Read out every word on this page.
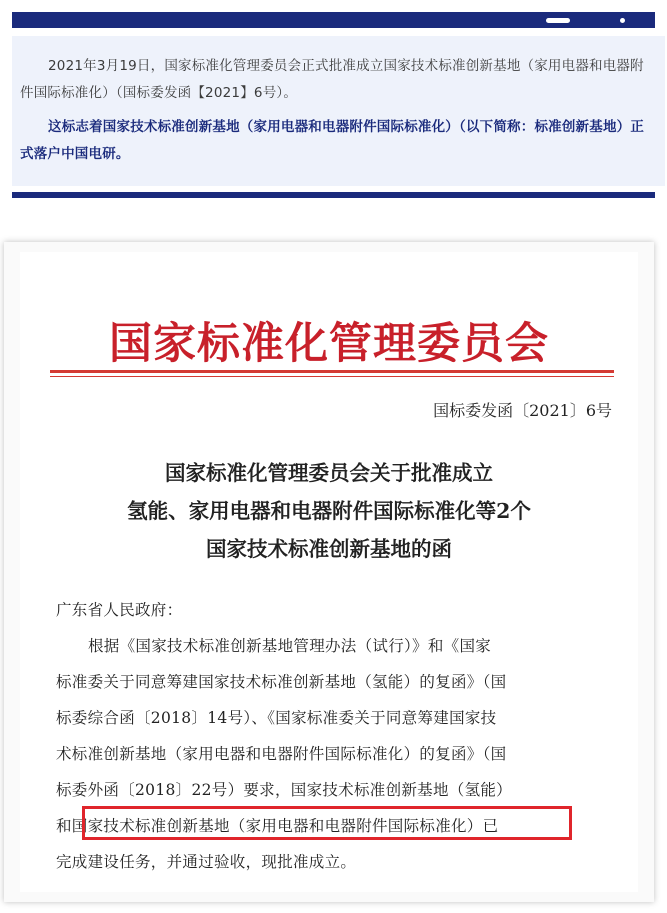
2021年3月19日，国家标准化管理委员会正式批准成立国家技术标准创新基地（家用电器和电器附件国际标准化）（国标委发函【2021】6号）。

这标志着国家技术标准创新基地（家用电器和电器附件国际标准化）（以下简称：标准创新基地）正式落户中国电研。

国家标准化管理委员会
国标委发函〔2021〕6号
国家标准化管理委员会关于批准成立
氢能、家用电器和电器附件国际标准化等2个
国家技术标准创新基地的函
广东省人民政府：
根据《国家技术标准创新基地管理办法（试行）》和《国家
标准委关于同意筹建国家技术标准创新基地（氢能）的复函》（国
标委综合函〔2018〕14号）、《国家标准委关于同意筹建国家技
术标准创新基地（家用电器和电器附件国际标准化）的复函》（国
标委外函〔2018〕22号）要求，国家技术标准创新基地（氢能）
和国家技术标准创新基地（家用电器和电器附件国际标准化）已
完成建设任务，并通过验收，现批准成立。
